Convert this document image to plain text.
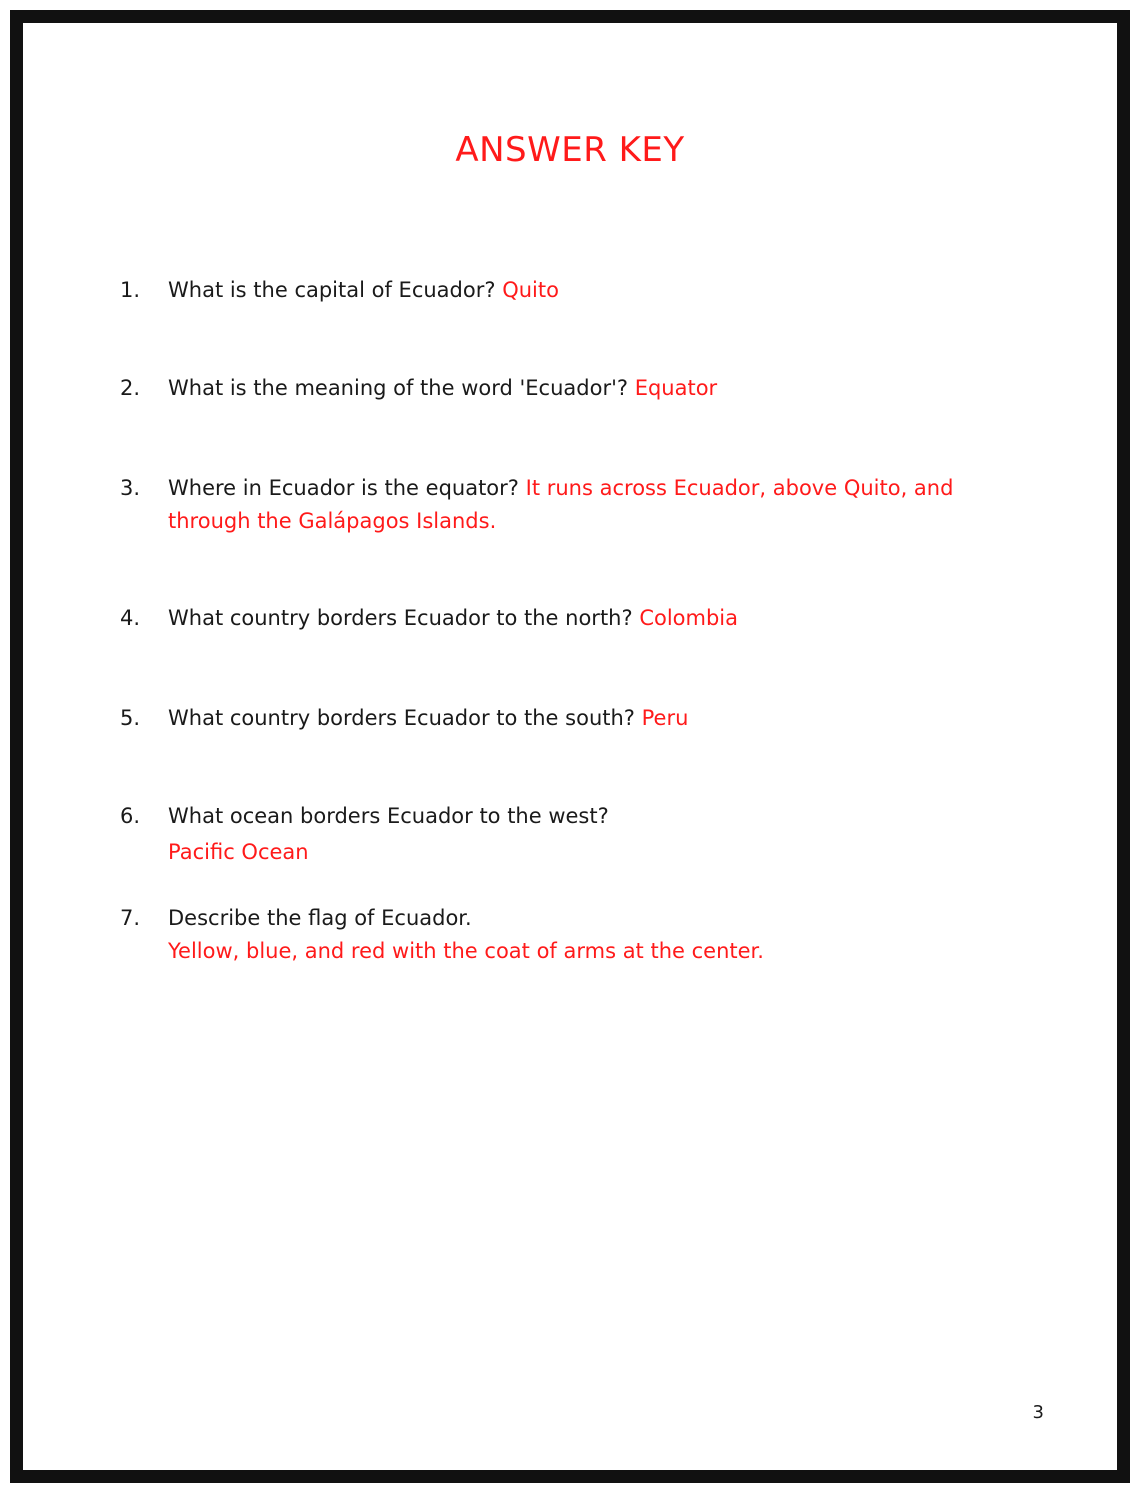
ANSWER KEY
1.	What is the capital of Ecuador? Quito
2.	What is the meaning of the word 'Ecuador'? Equator
3.	Where in Ecuador is the equator? It runs across Ecuador, above Quito, and through the Galápagos Islands.
4.	What country borders Ecuador to the north? Colombia
5.	What country borders Ecuador to the south? Peru
6.	What ocean borders Ecuador to the west?
Pacific Ocean
7.	Describe the flag of Ecuador.
Yellow, blue, and red with the coat of arms at the center.
3
